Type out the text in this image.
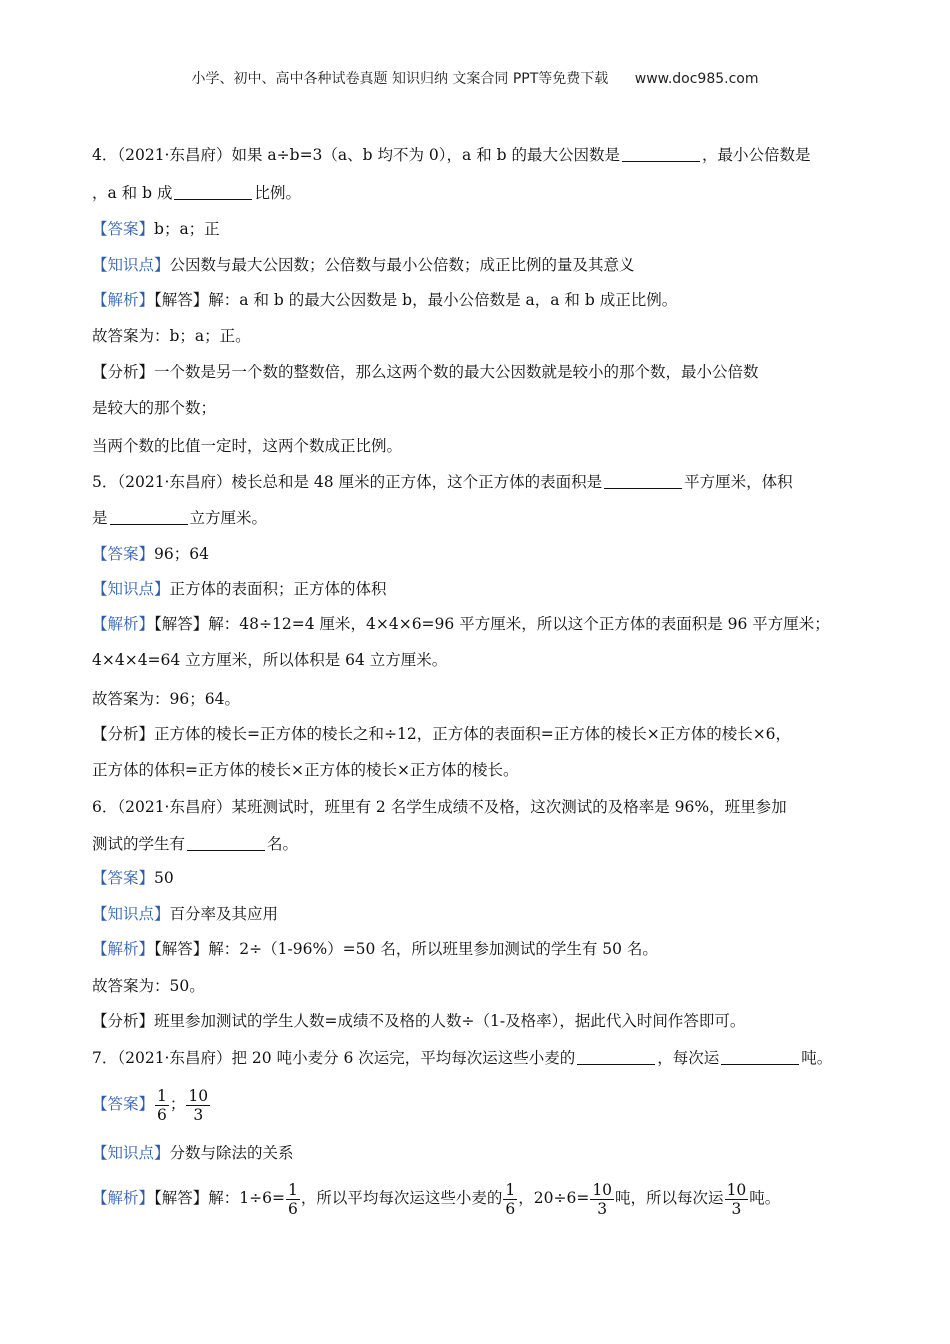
小学、初中、高中各种试卷真题 知识归纳 文案合同 PPT等免费下载 www.doc985.com
4．（2021·东昌府）如果 a÷b=3（a、b 均不为 0），a 和 b 的最大公因数是	，最小公倍数是
，a 和 b 成	比例。
【答案】b；a；正
【知识点】公因数与最大公因数；公倍数与最小公倍数；成正比例的量及其意义
【解析】【解答】解：a 和 b 的最大公因数是 b，最小公倍数是 a，a 和 b 成正比例。
故答案为：b；a；正。
【分析】一个数是另一个数的整数倍，那么这两个数的最大公因数就是较小的那个数，最小公倍数
是较大的那个数；
当两个数的比值一定时，这两个数成正比例。
5．（2021·东昌府）棱长总和是 48 厘米的正方体，这个正方体的表面积是	平方厘米，体积
是	立方厘米。
【答案】96；64
【知识点】正方体的表面积；正方体的体积
【解析】【解答】解：48÷12=4 厘米，4×4×6=96 平方厘米，所以这个正方体的表面积是 96 平方厘米；
4×4×4=64 立方厘米，所以体积是 64 立方厘米。
故答案为：96；64。
【分析】正方体的棱长=正方体的棱长之和÷12，正方体的表面积=正方体的棱长×正方体的棱长×6，
正方体的体积=正方体的棱长×正方体的棱长×正方体的棱长。
6．（2021·东昌府）某班测试时，班里有 2 名学生成绩不及格，这次测试的及格率是 96%，班里参加
测试的学生有	名。
【答案】50
【知识点】百分率及其应用
【解析】【解答】解：2÷（1-96%）=50 名，所以班里参加测试的学生有 50 名。
故答案为：50。
【分析】班里参加测试的学生人数=成绩不及格的人数÷（1-及格率），据此代入时间作答即可。
7．（2021·东昌府）把 20 吨小麦分 6 次运完，平均每次运这些小麦的	，每次运	吨。
【答案】 $\frac{1}{6}$ ； $\frac{10}{3}$
【知识点】分数与除法的关系
【解析】【解答】解：$1\div 6= \frac{1}{6}$ ，所以平均每次运这些小麦的 $\frac{1}{6}$ ，$20\div 6= \frac{10}{3}$ 吨，所以每次运 $\frac{10}{3}$ 吨。
